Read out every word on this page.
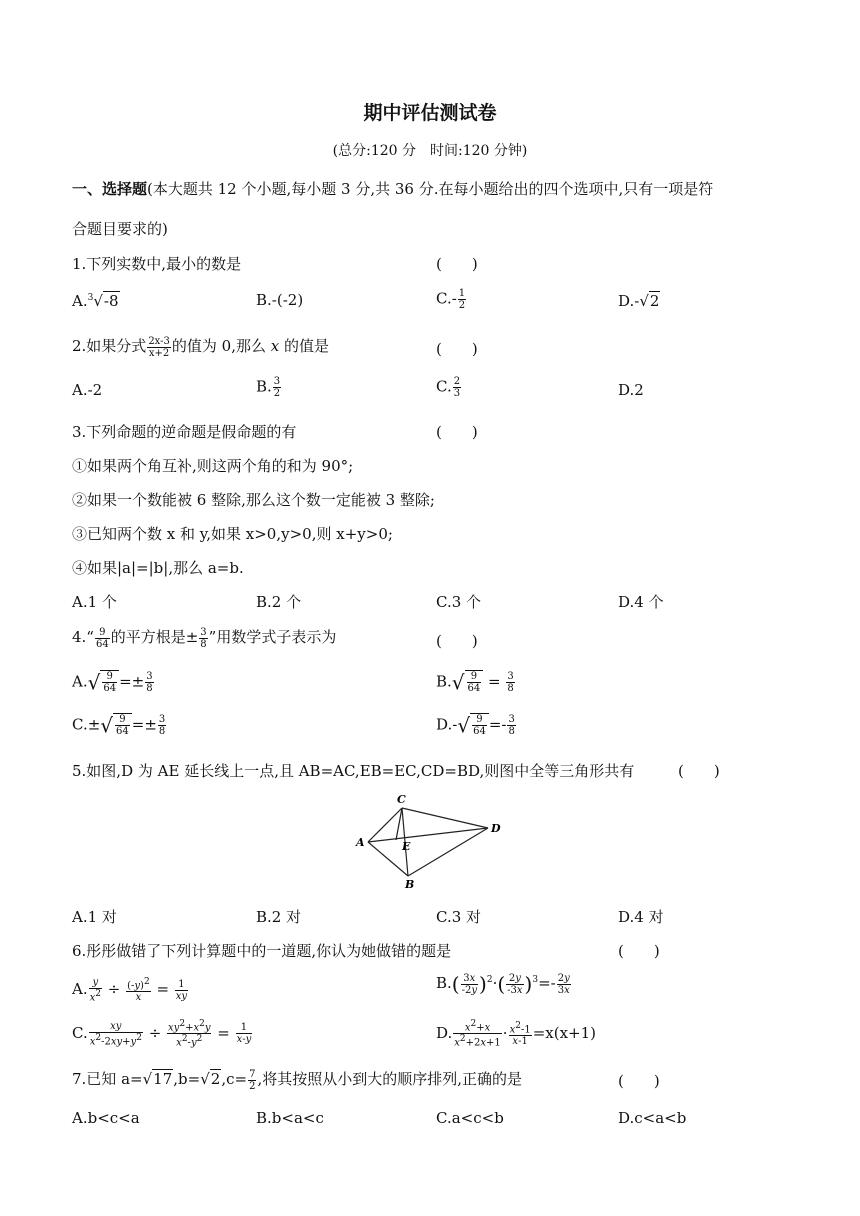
期中评估测试卷
(总分:120 分　时间:120 分钟)
一、选择题(本大题共 12 个小题,每小题 3 分,共 36 分.在每小题给出的四个选项中,只有一项是符
合题目要求的)
1.下列实数中,最小的数是	(　　)
A.$^3$√-8	B.-(-2)	$C.- \frac{1}{2}$	D.-√2
2.如果分式 $\frac{2x-3}{x+2}$ 的值为 0,那么 x 的值是	(　　)
A.-2	B. $\frac{3}{2}$	C. $\frac{2}{3}$	D.2
3.下列命题的逆命题是假命题的有	(　　)
①如果两个角互补,则这两个角的和为 90°;
②如果一个数能被 6 整除,那么这个数一定能被 3 整除;
③已知两个数 x 和 y,如果 x>0,y>0,则 x+y>0;
④如果|a|=|b|,那么 a=b.
A.1 个	B.2 个	C.3 个	D.4 个
4.“ $\frac{9}{64}$ 的平方根是± $\frac{3}{8}$ ”用数学式子表示为	(　　)
$A.√ \frac{9}{64} =\pm \frac{3}{8}$	$B.√ \frac{9}{64} = \frac{3}{8}$
$C.\pm√ \frac{9}{64} =\pm \frac{3}{8}$	$D.-√ \frac{9}{64} =- \frac{3}{8}$
5.如图,D 为 AE 延长线上一点,且 AB=AC,EB=EC,CD=BD,则图中全等三角形共有	(　　)
A
B
C
D
E
A.1 对	B.2 对	C.3 对	D.4 对
6.彤彤做错了下列计算题中的一道题,你认为她做错的题是	(　　)
A. $\frac{y}{x^2} \div \frac{(-y)^2}{x} = \frac{1}{xy}$	$B.( \frac{3x}{-2y} )^2\cdot( \frac{2y}{-3x} )^3=- \frac{2y}{3x}$
C. $\frac{xy}{x^2-2xy+y^2} \div \frac{xy^2+x^2y}{x^2-y^2} = \frac{1}{x-y}$	D. $\frac{x^2+x}{x^2+2x+1} \cdot \frac{x^2-1}{x-1} =x(x+1)$
7.已知 $a=√17,b=√2,c= \frac{7}{2}$ ,将其按照从小到大的顺序排列,正确的是	(　　)
A.b<c<a	B.b<a<c	C.a<c<b	D.c<a<b
